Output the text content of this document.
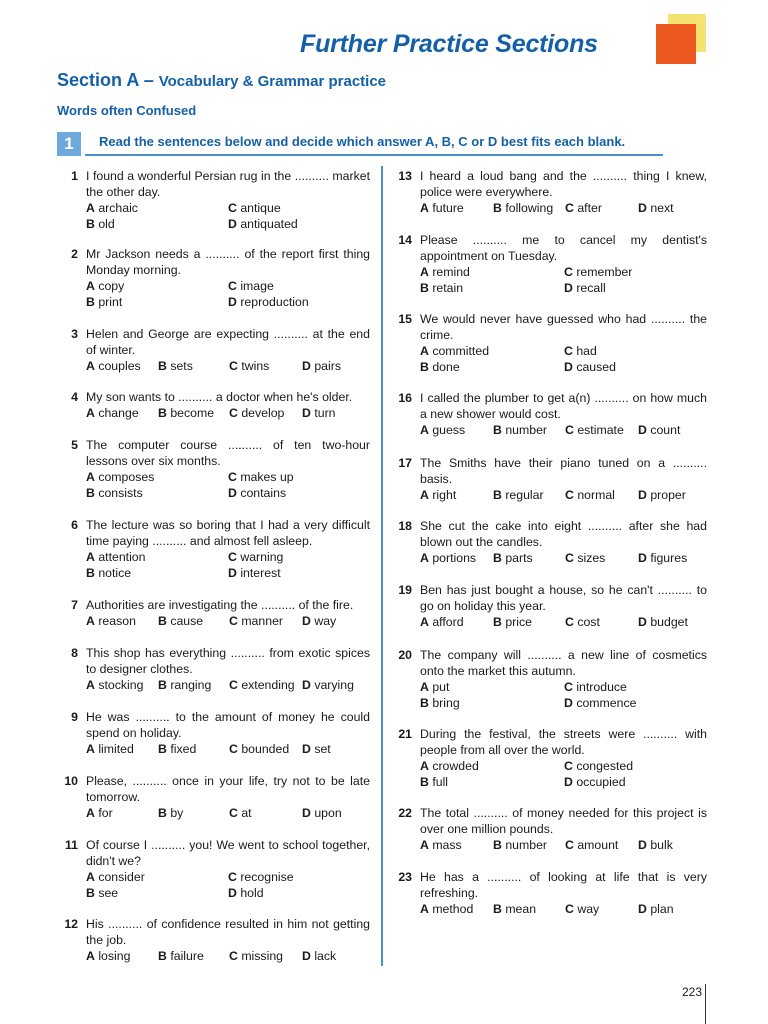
Further Practice Sections
Section A – Vocabulary & Grammar practice
Words often Confused
1	Read the sentences below and decide which answer A, B, C or D best fits each blank.
1 I found a wonderful Persian rug in the .......... market the other day.
A archaic
B old
C antique
D antiquated
2 Mr Jackson needs a .......... of the report first thing Monday morning.
A copy
B print
C image
D reproduction
3 Helen and George are expecting .......... at the end of winter.
A couples B sets	C twins	D pairs
4 My son wants to .......... a doctor when he's older.
A change B become C develop D turn
5 The computer course .......... of ten two-hour lessons over six months.
A composes
B consists
C makes up
D contains
6 The lecture was so boring that I had a very difficult time paying .......... and almost fell asleep.
A attention
B notice
C warning
D interest
7 Authorities are investigating the .......... of the fire.
A reason B cause C manner D way
8 This shop has everything .......... from exotic spices to designer clothes.
A stocking B ranging C extending D varying
9 He was .......... to the amount of money he could spend on holiday.
A limited B fixed	C bounded D set
10 Please, .......... once in your life, try not to be late tomorrow.
A for	B by	C at	D upon
11 Of course I .......... you! We went to school together, didn't we?
A consider
B see
C recognise
D hold
12 His .......... of confidence resulted in him not getting the job.
A losing B failure C missing D lack
13 I heard a loud bang and the .......... thing I knew, police were everywhere.
A future B following C after	D next
14 Please .......... me to cancel my dentist's appointment on Tuesday.
A remind
B retain
C remember
D recall
15 We would never have guessed who had .......... the crime.
A committed
B done
C had
D caused
16 I called the plumber to get a(n) .......... on how much a new shower would cost.
A guess B number C estimate D count
17 The Smiths have their piano tuned on a .......... basis.
A right	B regular C normal D proper
18 She cut the cake into eight .......... after she had blown out the candles.
A portions B parts	C sizes	D figures
19 Ben has just bought a house, so he can't .......... to go on holiday this year.
A afford B price	C cost	D budget
20 The company will .......... a new line of cosmetics onto the market this autumn.
A put
B bring
C introduce
D commence
21 During the festival, the streets were .......... with people from all over the world.
A crowded
B full
C congested
D occupied
22 The total .......... of money needed for this project is over one million pounds.
A mass	B number C amount D bulk
23 He has a .......... of looking at life that is very refreshing.
A method B mean C way	D plan
223
